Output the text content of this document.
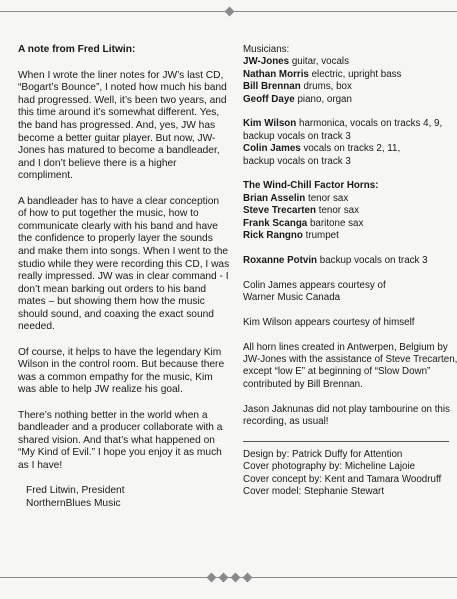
A note from Fred Litwin:
When I wrote the liner notes for JW’s last CD, “Bogart’s Bounce”, I noted how much his band had progressed. Well, it’s been two years, and this time around it’s somewhat different. Yes, the band has progressed. And, yes, JW has become a better guitar player. But now, JW-Jones has matured to become a bandleader, and I don’t believe there is a higher compliment.
A bandleader has to have a clear conception of how to put together the music, how to communicate clearly with his band and have the confidence to properly layer the sounds and make them into songs. When I went to the studio while they were recording this CD, I was really impressed. JW was in clear command - I don’t mean barking out orders to his band mates – but showing them how the music should sound, and coaxing the exact sound needed.
Of course, it helps to have the legendary Kim Wilson in the control room. But because there was a common empathy for the music, Kim was able to help JW realize his goal.
There’s nothing better in the world when a bandleader and a producer collaborate with a shared vision. And that’s what happened on “My Kind of Evil.” I hope you enjoy it as much as I have!
Fred Litwin, President
NorthernBlues Music
Musicians:
JW-Jones guitar, vocals
Nathan Morris electric, upright bass
Bill Brennan drums, box
Geoff Daye piano, organ
Kim Wilson harmonica, vocals on tracks 4, 9,
backup vocals on track 3
Colin James vocals on tracks 2, 11,
backup vocals on track 3
The Wind-Chill Factor Horns:
Brian Asselin tenor sax
Steve Trecarten tenor sax
Frank Scanga baritone sax
Rick Rangno trumpet
Roxanne Potvin backup vocals on track 3
Colin James appears courtesy of
Warner Music Canada
Kim Wilson appears courtesy of himself
All horn lines created in Antwerpen, Belgium by
JW-Jones with the assistance of Steve Trecarten,
except “low E” at beginning of “Slow Down”
contributed by Bill Brennan.
Jason Jaknunas did not play tambourine on this
recording, as usual!
Design by: Patrick Duffy for Attention
Cover photography by: Micheline Lajoie
Cover concept by: Kent and Tamara Woodruff
Cover model: Stephanie Stewart
